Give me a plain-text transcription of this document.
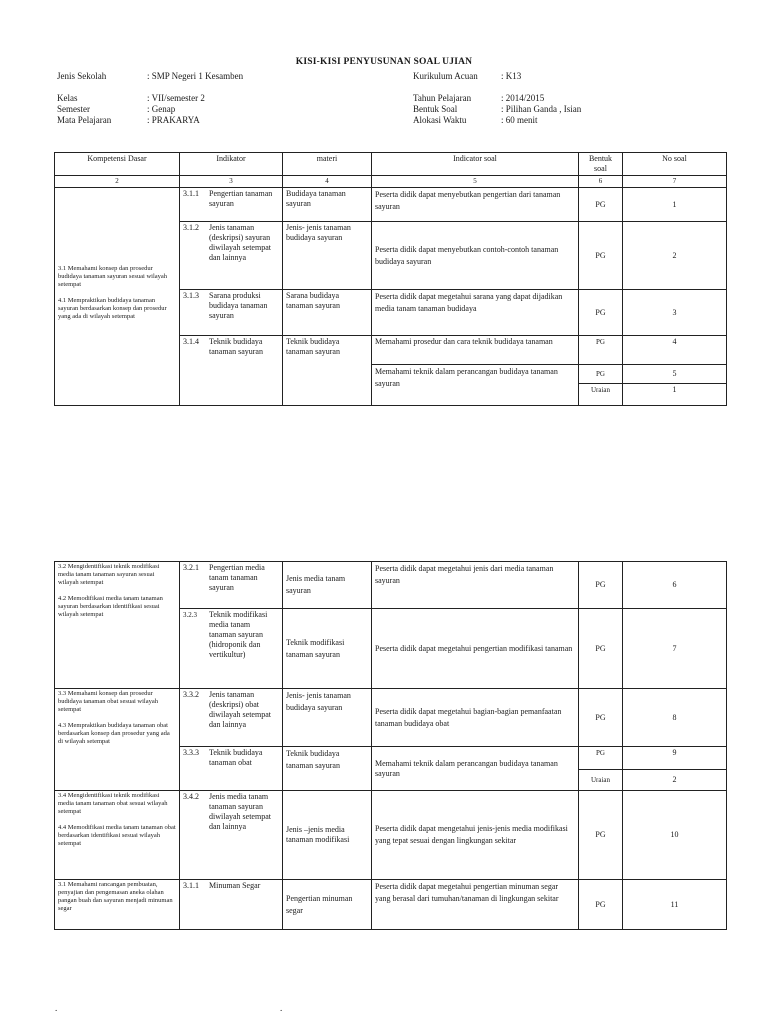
KISI-KISI PENYUSUNAN SOAL UJIAN
Jenis Sekolah	: SMP Negeri 1 Kesamben
Kelas	: VII/semester 2
Semester	: Genap
Mata Pelajaran	: PRAKARYA
Kurikulum Acuan	: K13
Tahun Pelajaran	: 2014/2015
Bentuk Soal	: Pilihan Ganda , Isian
Alokasi Waktu	: 60 menit
Kompetensi Dasar	Indikator	materi	Indicator soal	Bentuk soal	No soal
2	3	4	5	6	7

3.1 Memahami konsep dan prosedur budidaya tanaman sayuran sesuai wilayah setempat

4.1 Mempraktikan budidaya tanaman sayuran berdasarkan konsep dan prosedur yang ada di wilayah setempat	3.1.1 Pengertian tanaman sayuran	Budidaya tanaman sayuran	Peserta didik dapat menyebutkan pengertian dari tanaman sayuran	PG	1
	3.1.2 Jenis tanaman (deskripsi) sayuran diwilayah setempat dan lainnya	Jenis- jenis tanaman budidaya sayuran	Peserta didik dapat menyebutkan contoh-contoh tanaman budidaya sayuran	PG	2
	3.1.3 Sarana produksi budidaya tanaman sayuran	Sarana budidaya tanaman sayuran	Peserta didik dapat megetahui sarana yang dapat dijadikan media tanam tanaman budidaya	PG	3
	3.1.4 Teknik budidaya tanaman sayuran	Teknik budidaya tanaman sayuran	Memahami prosedur dan cara teknik budidaya tanaman	PG	4
			Memahami teknik dalam perancangan budidaya tanaman sayuran	PG	5
				Uraian	1

3.2 Mengidentifikasi teknik modifikasi media tanam tanaman sayuran sesuai wilayah setempat

4.2 Memodifikasi media tanam tanaman sayuran berdasarkan identifikasi sesuai wilayah setempat	3.2.1 Pengertian media tanam tanaman sayuran	Jenis media tanam sayuran	Peserta didik dapat megetahui jenis dari media tanaman sayuran	PG	6
	3.2.3 Teknik modifikasi media tanam tanaman sayuran (hidroponik dan vertikultur)	Teknik modifikasi tanaman sayuran	Peserta didik dapat megetahui pengertian modifikasi tanaman	PG	7

3.3 Memahami konsep dan prosedur budidaya tanaman obat sesuai wilayah setempat

4.3 Mempraktikan budidaya tanaman obat berdasarkan konsep dan prosedur yang ada di wilayah setempat	3.3.2 Jenis tanaman (deskripsi) obat diwilayah setempat dan lainnya	Jenis- jenis tanaman budidaya sayuran	Peserta didik dapat megetahui bagian-bagian pemanfaatan tanaman budidaya obat	PG	8
	3.3.3 Teknik budidaya tanaman obat	Teknik budidaya tanaman sayuran	Memahami teknik dalam perancangan budidaya tanaman sayuran	PG	9
				Uraian	2

3.4 Mengidentifikasi teknik modifikasi media tanam tanaman obat sesuai wilayah setempat

4.4 Memodifikasi media tanam tanaman obat berdasarkan identifikasi sesuai wilayah setempat	3.4.2 Jenis media tanam tanaman sayuran diwilayah setempat dan lainnya	Jenis –jenis media tanaman modifikasi	Peserta didik dapat mengetahui jenis-jenis media modifikasi yang tepat sesuai dengan lingkungan sekitar	PG	10

3.1 Memahami rancangan pembuatan, penyajian dan pengemasan aneka olahan pangan buah dan sayuran menjadi minuman segar	3.1.1 Minuman Segar	Pengertian minuman segar	Peserta didik dapat megetahui pengertian minuman segar yang berasal dari tumuhan/tanaman di lingkungan sekitar	PG	11
.	.
